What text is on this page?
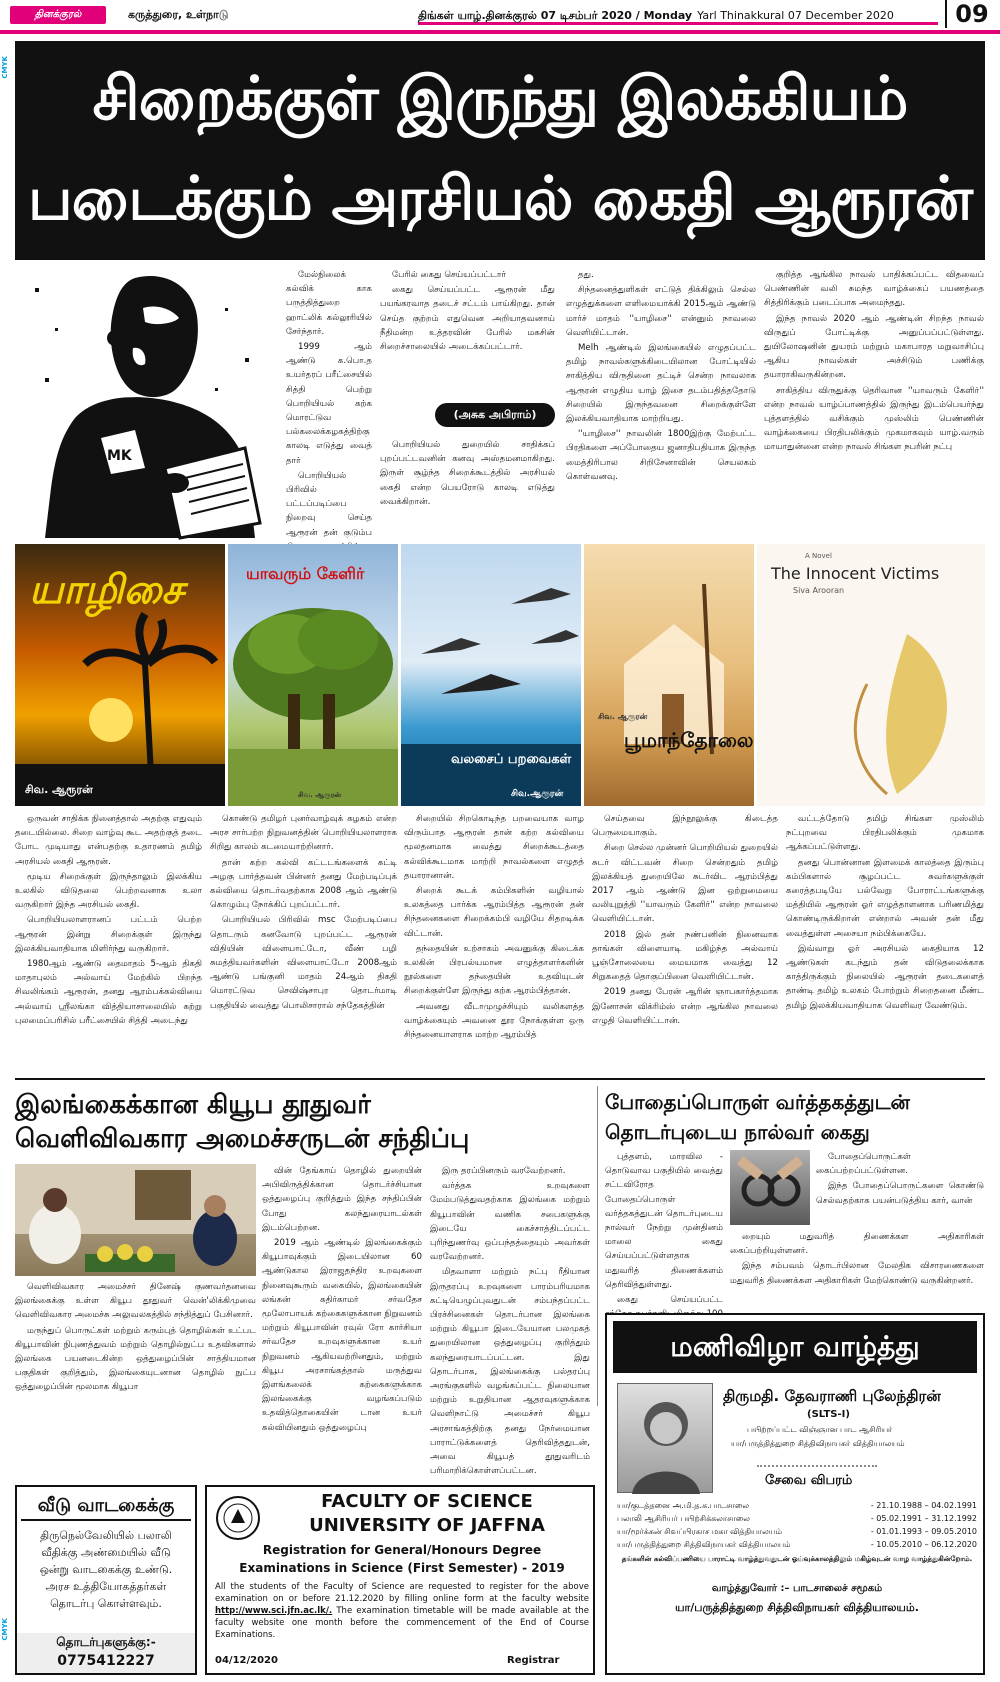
தினக்குரல்	கருத்துரை, உள்நாடு	திங்கள் யாழ்.தினக்குரல் 07 டிசம்பர் 2020 / Monday Yarl Thinakkural 07 December 2020	09
CMYK
CMYK
சிறைக்குள் இருந்து இலக்கியம்
படைக்கும் அரசியல் கைதி ஆரூரன்
MK

மேல்நிலைக் கல்விக் காக பருத்தித்துறை ஹாட்லிக் கல்லூரியில் சேர்ந்தார்.

1999 ஆம் ஆண்டு க.பொ.த உயர்தரப் பரீட்சையில் சித்தி பெற்று பொறியியல் கற்க மொரட்டுவ பல்கலைக்கழகத்திற்கு காலடி எடுத்து வைத் தார்

பொறியியல் பிரிவில் பட்டப்படிப்பை நிறைவு செய்த ஆரூரன் தன் குடும்ப

பேரில் கைது செய்யப்பட்டார்

கைது செய்யப்பட்ட ஆரூரன் மீது பயங்கரவாத தடைச் சட்டம் பாய்கிறது. தான் செய்த குற்றம் எதுவென அறியாதவனாய் நீதிமன்ற உத்தரவின் பேரில் மகசின் சிறைச்சாலையில் அடைக்கப்பட்டார்.

(அசுக அபிராம்)

பொறியியல் துறையில் சாதிக்கப் புறப்பட்டவனின் கனவு அஸ்தமனமாகிறது. இருள் சூழ்ந்த சிறைக்கூடத்தில் அரசியல் கைதி என்ற பெயரோடு காலடி எடுத்து வைக்கிறான்.

தது.

சிந்தனைத்துளிகள் எட்டுத் திக்கிலும் செல்ல எழுத்துக்களை எளிமையாக்கி 2015ஆம் ஆண்டு மார்ச் மாதம் ''யாழிசை'' என்னும் நாவலை வெளியிட்டான்.

Melh ஆண்டில் இலங்கையில் எழுதப்பட்ட தமிழ் நாவல்களுக்கிடையிலான போட்டியில் சாகித்திய விருதினை தட்டிச் சென்ற நாவலாக ஆரூரன் எழுதிய யாழ் இசை தடம்பதித்ததோடு சிறையில் இருந்தவனை சிறைக்குள்ளே இலக்கியவாதியாக மாற்றியது.

''யாழிசை'' நாவலின் 1800இற்கு மேற்பட்ட பிரதிகளை அப்போதைய ஜனாதிபதியாக இருந்த மைத்திரிபால சிறிசேனாவின் செயலகம் கொள்வனவு.

குறித்த ஆங்கில நாவல் பாதிக்கப்பட்ட விதவைப் பெண்ணின் வலி சுமந்த வாழ்க்கைப் பயணத்தை சித்திரிக்கும் படைப்பாக அமைந்தது.

இந்த நாவல் 2020 ஆம் ஆண்டின் சிறந்த நாவல் விருதுப் போட்டிக்கு அனுப்பப்பட்டுள்ளது. துயிலோஷனின் துயரம் மற்றும் மகாபாரத மறுவாசிப்பு ஆகிய நாவல்கள் அச்சிடும் பணிக்கு தயாராகிவருகின்றன.

சாகித்திய விருதுக்கு தெரிவான ''யாவரும் கேளிர்'' என்ற நாவல் யாழ்ப்பாணத்தில் இருந்து இடம்பெயர்ந்து புத்தளத்தில் வசிக்கும் முஸ்லிம் பெண்ணின் வாழ்க்கையை பிரதிபலிக்கும் முகமாகவும் யாழ்.வரும் மாயாதுன்னை என்ற நாவல் சிங்கள நபரின் நட்பு

யாழிசை
சிவ. ஆரூரன்
யாவரும் கேளிர்
சிவ. ஆரூரன்
வலசைப் பறவைகள்
சிவ.ஆரூரன்
சிவ. ஆரூரன்
பூமாந்தோலை
A Novel
The Innocent Victims
Siva Arooran

ஒருவன் சாதிக்க நினைத்தால் அதற்கு எதுவும் தடையில்லை. சிறை வாழ்வு கூட அதற்குத் தடை போட முடியாது என்பதற்கு உதாரணம் தமிழ் அரசியல் கைதி ஆரூரன்.

மூடிய சிறைக்குள் இருந்தாலும் இலக்கிய உலகில் விடுதலை பெற்றவனாக உலா வருகிறார் இந்த அரசியல் கைதி.

பொறியியலாளரானப் பட்டம் பெற்ற ஆரூரன் இன்று சிறைக்குள் இருந்து இலக்கியவாதியாக மிளிர்ந்து வருகிறார்.

1980ஆம் ஆண்டு தைமாதம் 5-ஆம் திகதி மாதாபுலம் அல்வாய் மேற்கில் பிறந்த சிவலிங்கம் ஆரூரன், தனது ஆரம்பக்கல்வியை அல்வாய் ஸ்ரீலங்கா வித்தியாசாலையில் கற்று புலமைப்பரிசில் பரீட்சையில் சித்தி அடைந்து

கொண்டு தமிழர் புனர்வாழ்வுக் கழகம் என்ற அரச சார்பற்ற நிறுவனத்தின் பொறியியலாளராக சிறிது காலம் கடமையாற்றினார்.

தான் கற்ற கல்வி கட்டடங்களைக் கட்டி அழகு பார்த்தவன் பின்னர் தனது மேற்படிப்புக் கல்வியை தொடர்வதற்காக 2008 ஆம் ஆண்டு கொழும்பு நோக்கிப் புறப்பட்டார்.

பொறியியல் பிரிவில் msc மேற்படிப்பை தொடரும் கனவோடு புறப்பட்ட ஆரூரன் விதியின் விளையாட்டோ, வீண் பழி சுமத்தியவர்களின் விளையாட்டோ 2008ஆம் ஆண்டு பங்குனி மாதம் 24ஆம் திகதி மொரட்டுவ செவிஷ்சாபுர தொடர்மாடி பகுதியில் வைத்து பொலிசாரால் சந்தேகத்தின்

சிறையில் சிறகொடிந்த பறவையாக வாழ விரும்பாத ஆரூரன் தான் கற்ற கல்வியை மூலதனமாக வைத்து சிறைக்கூடத்தை கல்விக்கூடமாக மாற்றி நாவல்களை எழுதத் தயாரானான்.

சிறைக் கூடக் கம்பிகளின் வழியால் உலகத்தை பார்க்க ஆரம்பித்த ஆரூரன் தன் சிந்தனைகளை சிறைக்கம்பி வழியே சிதறடிக்க விட்டான்.

தந்தையின் உற்சாகம் அவனுக்கு கிடைக்க உலகின் பிரபல்யமான எழுத்தாளர்களின் நூல்களை தந்தையின் உதவியுடன் சிறைக்குள்ளே இருந்து கற்க ஆரம்பித்தான்.

அவனது வீடாமுழுச்சியும் வலிகளத்த வாழ்க்கையும் அவனை தூர நோக்குள்ள ஒரு சிந்தனையாளராக மாற்ற ஆரம்பித்

செய்தவை இந்நூலுக்கு கிடைத்த பெருமையாகும்.

சிறை செல்ல முன்னர் பொறியியல் துறையில் சுடர் விட்டவன் சிறை சென்றதும் தமிழ் இலக்கியத் துறையிலே சுடர்விட ஆரம்பித்து 2017 ஆம் ஆண்டு இன ஒற்றுமையை வலியுறுத்தி ''யாவரும் கேளிர்'' என்ற நாவலை வெளியிட்டான்.

2018 இல் தன் நண்பனின் நினைவாக தாங்கள் விளையாடி மகிழ்ந்த அல்வாய் பூஞ்சோலையை மையமாக வைத்து 12 சிறுகதைத் தொகுப்பினை வெளியிட்டான்.

2019 தனது பேரன் ஆரின் ஞாபகார்த்தமாக இனோசன் விக்ரிம்ஸ் என்ற ஆங்கில நாவலை எழுதி வெளியிட்டான்.

வட்டத்தோடு தமிழ் சிங்கள முஸ்லிம் நட்புறவை பிரதிபலிக்கும் முகமாக ஆக்கப்பட்டுள்ளது.

தனது பொன்னான இளமைக் காலத்தை இரும்பு கம்பிகளால் சூழப்பட்ட சுவர்களுக்குள் கரைத்தபடியே பல்வேறு போராட்டங்களுக்கு மத்தியில் ஆரூரன் ஓர் எழுத்தாளனாக பரிணமித்து கொண்டிருக்கிறான் என்றால் அவன் தன் மீது வைத்துள்ள அசையா நம்பிக்கையே.

இவ்வாறு ஓர் அரசியல் கைதியாக 12 ஆண்டுகள் கடந்தும் தன் விடுதலைக்காக காத்திருக்கும் நிலையில் ஆரூரன் தடைகளைத் தாண்டி தமிழ் உலகம் போற்றும் சிறைதனை மீண்ட தமிழ் இலக்கியவாதியாக வெளிவர வேண்டும்.

இலங்கைக்கான கியூப தூதுவர்
வெளிவிவகார அமைச்சருடன் சந்திப்பு

வெளிவிவகார அமைச்சர் தினேஷ் குணவர்தனவை இலங்கைக்கு உள்ள கியூப தூதுவர் வென்'லிக்கிமுவை வெளிவிவகார அமைச்சு அலுவலகத்தில் சந்தித்துப் பேசினார்.

மருந்துப் பொருட்கள் மற்றும் கரும்புத் தொழில்கள் உட்பட கியூபாவின் நிபுணத்துவம் மற்றும் தொழில்நுட்ப உதவிகளால் இலங்கை பயனடைகின்ற ஒத்துழைப்பின் சாத்தியமான பகுதிகள் குறித்தும், இலங்கையுடனான தொழில் நுட்ப ஒத்துழைப்பின் மூலமாக கியூபா

வின் தேங்காய் தொழில் துறையின் அபிவிருத்திக்கான தொடர்ச்சியான ஒத்துழைப்பு குறித்தும் இந்த சந்திப்பின் போது கலந்துரையாடல்கள் இடம்பெற்றன.

2019 ஆம் ஆண்டில் இலங்கைக்கும் கியூபாவுக்கும் இடையிலான 60 ஆண்டுகால இராஜதந்திர உறவுகளை நினைவுகூரும் வகையில், இலங்கையின் லங்கன் கதிர்காமர் சர்வதேச மூலோபாயக் கற்கைகளுக்கான நிறுவனம் மற்றும் கியூபாவின் ரவுல் ரோ கார்சியா சர்வதேச உறவுகளுக்கான உயர் நிறுவனம் ஆகியவற்றினதும், மற்றும் கியூப அரசாங்கத்தால் மருத்துவ இளங்கலைக் கற்கைகளுக்காக இலங்கைக்கு வழங்கப்படும் உதவித்தொகையின் டான உயர் கல்வியினதும் ஒத்துழைப்பு

இரு தரப்பினரும் வரவேற்றனர்.

வர்த்தக உறவுகளை மேம்படுத்துவதற்காக இலங்கை மற்றும் கியூபாவின் வணிக சபைகளுக்கு இடையே கைச்சாத்திடப்பட்ட புரிந்துணர்வு ஒப்பந்தத்தையும் அவர்கள் வரவேற்றனர்.

மிதவாளா மற்றும் நட்பு ரீதியான இருதரப்பு உறவுகளை பாரம்பரியமாக கட்டியெழுப்புவதுடன் சம்பந்தப்பட்ட பிரச்சினைகள் தொடர்பான இலங்கை மற்றும் கியூபா இடையேயான பலமுகத் துறையிலான ஒத்துழைப்பு குறித்தும் கலந்துரையாடப்பட்டன. இது தொடர்பாக, இலங்கைக்கு பல்தரப்பு அரங்குகளில் வழங்கப்பட்ட நிலையான மற்றும் உறுதியான ஆதரவுகளுக்காக வெளிநாட்டு அமைச்சர் கியூப அரசாங்கத்திற்கு தனது நேர்மையான பாராட்டுக்களைத் தெரிவித்ததுடன், அவை கியூபத் தூதுவரிடம் பரிமாறிக்கொள்ளப்பட்டன.

போதைப்பொருள் வர்த்தகத்துடன்
தொடர்புடைய நால்வர் கைது

புத்தளம், மாரவில - தொடுவாவ பகுதியில் வைத்து சட்டவிரோத போதைப்பொருள் வர்த்தகத்துடன் தொடர்புடைய நால்வர் நேற்று முன்தினம் மாலை கைது செய்யப்பட்டுள்ளதாக மதுவரித் திணைக்களம் தெரிவித்துள்ளது.

கைது செய்யப்பட்ட

போதைப்பொருட்கள் கைப்பற்றப்பட்டுள்ளன.

இந்த போதைப்பொருட்களை கொண்டு செல்வதற்காக பயன்படுத்திய கார், வான்

றையும் மதுவரித் திணைக்கள அதிகாரிகள் கைப்பற்றியுள்ளனர்.

இந்த சம்பவம் தொடர்பிலான மேலதிக விசாரணைகளை மதுவரித் திணைக்கள அதிகாரிகள் மேற்கொண்டு வருகின்றனர்.

மணிவிழா வாழ்த்து
திருமதி. தேவராணி புலேந்திரன்
(SLTS-I)
பயிற்றப்பட்ட விஞ்ஞான பாட ஆசிரியர்
யா/பருத்தித்துறை சித்திவிநாயகர் வித்தியாலயம்
சேவை விபரம்
யா/குடத்தனை அ.மி.த.க.பாடசாலை	- 21.10.1988 – 04.02.1991
பலாலி ஆசிரியர் பயிற்சிக்கலாசாலை	- 05.02.1991 – 31.12.1992
யா/மூர்க்கன் சிவப்பிரகாச மகா வித்தியாலயம்	- 01.01.1993 – 09.05.2010
யா/பருத்தித்துறை சித்திவிநாயகர் வித்தியாலயம்	- 10.05.2010 – 06.12.2020
தங்களின் கல்விப்பணியை பாராட்டி வாழ்த்துவதுடன் ஓய்வுக்காலத்திலும் மகிழ்வுடன் வாழ வாழ்த்துகின்றோம்.
வாழ்த்துவோர் :– பாடசாலைச் சமூகம்
யா/பருத்தித்துறை சித்திவிநாயகர் வித்தியாலயம்.
வீடு வாடகைக்கு
திருநெல்வேலியில் பலாலி வீதிக்கு அண்மையில் வீடு ஒன்று வாடகைக்கு உண்டு. அரச உத்தியோகத்தர்கள் தொடர்பு கொள்ளவும்.
தொடர்புகளுக்கு:-
0775412227
FACULTY OF SCIENCE
UNIVERSITY OF JAFFNA
Registration for General/Honours Degree
Examinations in Science (First Semester) - 2019
All the students of the Faculty of Science are requested to register for the above examination on or before 21.12.2020 by filling online form at the faculty website http://www.sci.jfn.ac.lk/. The examination timetable will be made available at the faculty website one month before the commencement of the End of Course Examinations.
04/12/2020	Registrar
